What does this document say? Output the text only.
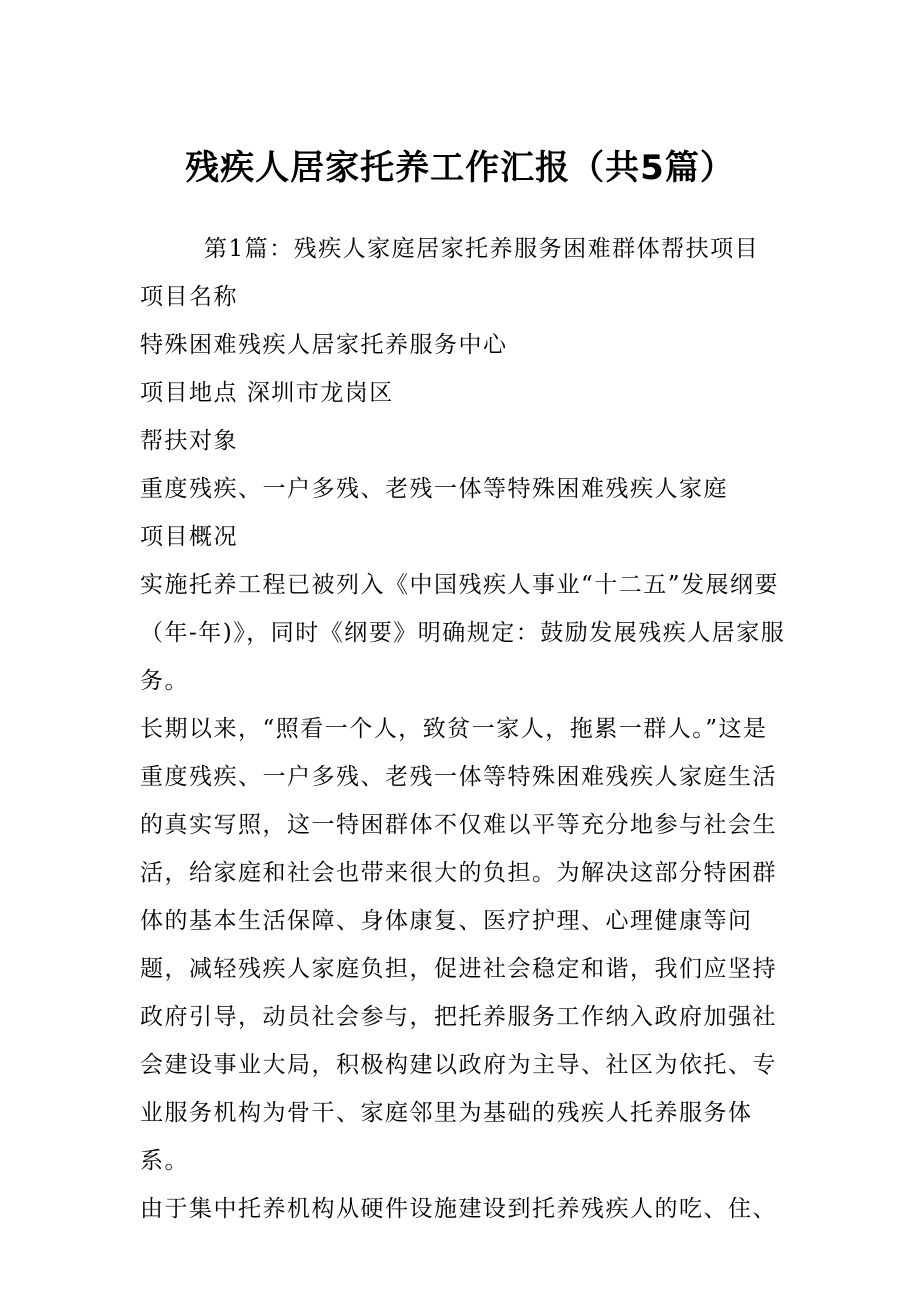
残疾人居家托养工作汇报（共5篇）

第1篇：残疾人家庭居家托养服务困难群体帮扶项目

项目名称

特殊困难残疾人居家托养服务中心

项目地点 深圳市龙岗区

帮扶对象

重度残疾、一户多残、老残一体等特殊困难残疾人家庭

项目概况

实施托养工程已被列入《中国残疾人事业“十二五”发展纲要（年-年)》，同时《纲要》明确规定：鼓励发展残疾人居家服务。

长期以来，“照看一个人，致贫一家人，拖累一群人。”这是重度残疾、一户多残、老残一体等特殊困难残疾人家庭生活的真实写照，这一特困群体不仅难以平等充分地参与社会生活，给家庭和社会也带来很大的负担。为解决这部分特困群体的基本生活保障、身体康复、医疗护理、心理健康等问题，减轻残疾人家庭负担，促进社会稳定和谐，我们应坚持政府引导，动员社会参与，把托养服务工作纳入政府加强社会建设事业大局，积极构建以政府为主导、社区为依托、专业服务机构为骨干、家庭邻里为基础的残疾人托养服务体系。

由于集中托养机构从硬件设施建设到托养残疾人的吃、住、
